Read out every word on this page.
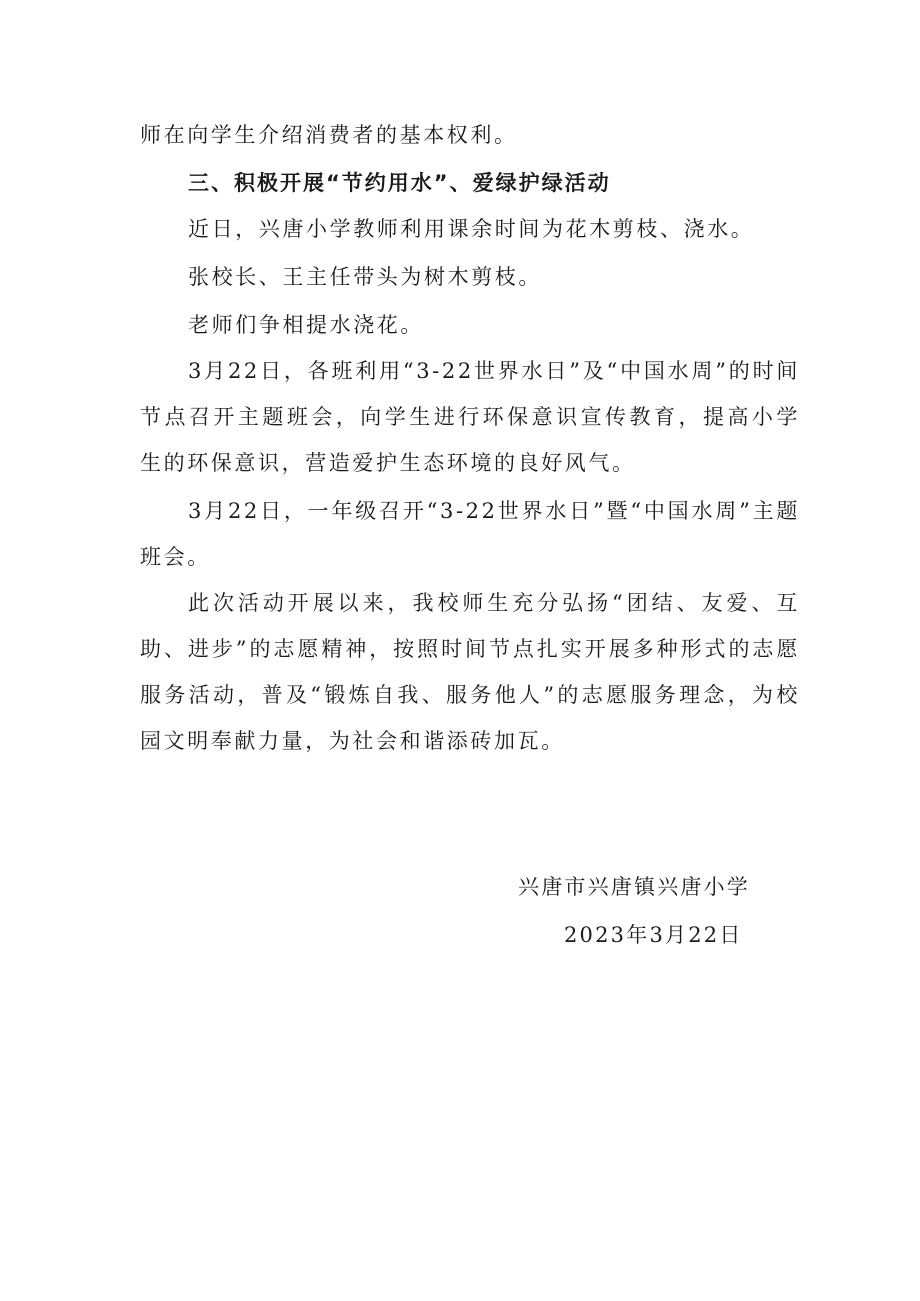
师在向学生介绍消费者的基本权利。

三、积极开展“节约用水”、爱绿护绿活动

近日，兴唐小学教师利用课余时间为花木剪枝、浇水。

张校长、王主任带头为树木剪枝。

老师们争相提水浇花。

3月22日，各班利用“3-22世界水日”及“中国水周”的时间节点召开主题班会，向学生进行环保意识宣传教育，提高小学生的环保意识，营造爱护生态环境的良好风气。

3月22日，一年级召开“3-22世界水日”暨“中国水周”主题班会。

此次活动开展以来，我校师生充分弘扬“团结、友爱、互助、进步”的志愿精神，按照时间节点扎实开展多种形式的志愿服务活动，普及“锻炼自我、服务他人”的志愿服务理念，为校园文明奉献力量，为社会和谐添砖加瓦。

兴唐市兴唐镇兴唐小学

2023年3月22日
